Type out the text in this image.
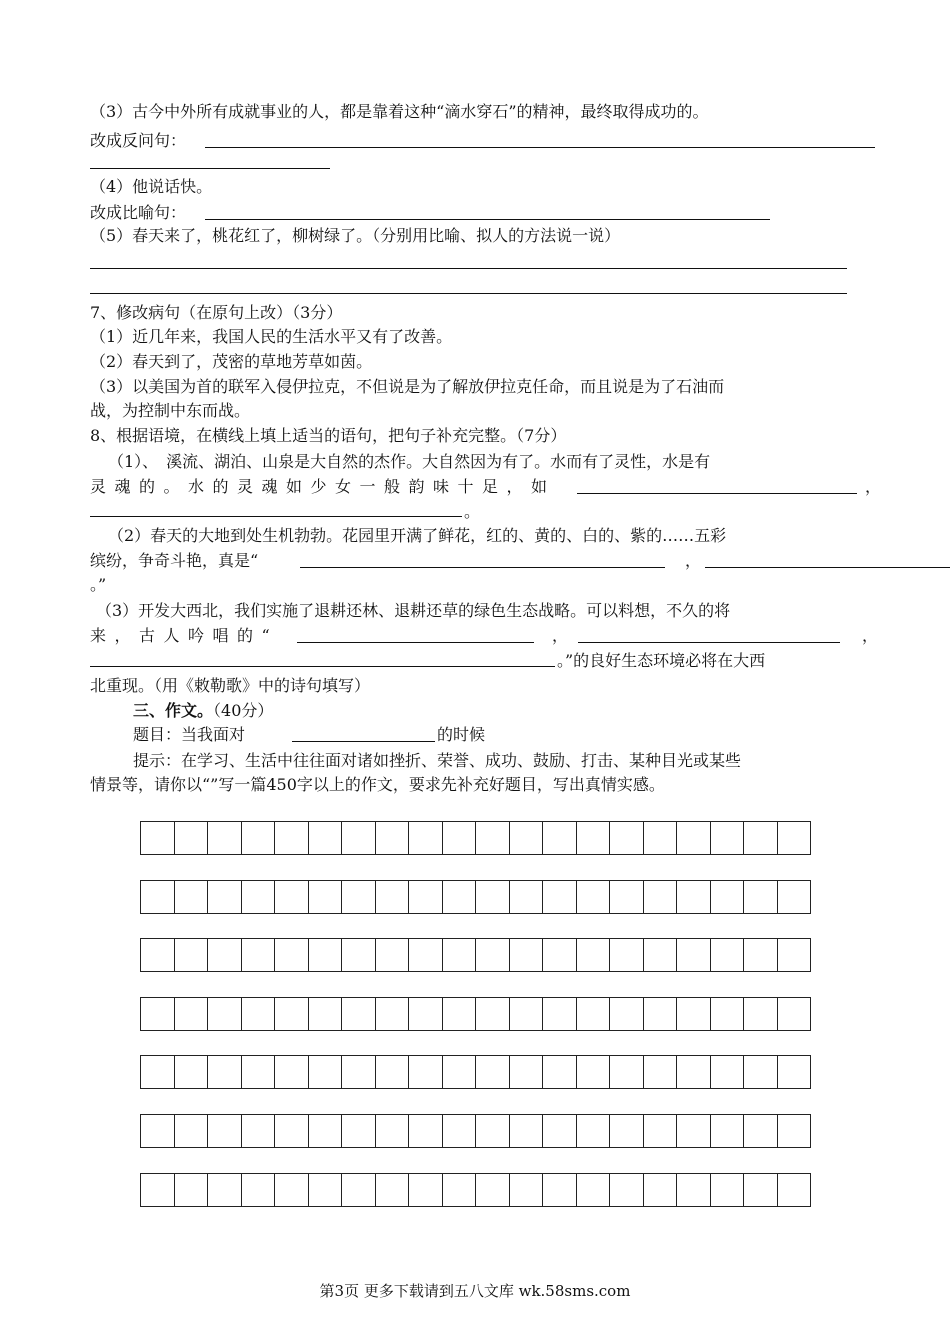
（3）古今中外所有成就事业的人，都是靠着这种“滴水穿石”的精神，最终取得成功的。
改成反问句：
（4）他说话快。
改成比喻句：
（5）春天来了，桃花红了，柳树绿了。（分别用比喻、拟人的方法说一说）
7、修改病句（在原句上改）（3分）
（1）近几年来，我国人民的生活水平又有了改善。
（2）春天到了，茂密的草地芳草如茵。
（3）以美国为首的联军入侵伊拉克，不但说是为了解放伊拉克任命，而且说是为了石油而
战，为控制中东而战。
8、根据语境，在横线上填上适当的语句，把句子补充完整。（7分）
（1）、　溪流、湖泊、山泉是大自然的杰作。大自然因为有了。水而有了灵性，水是有
灵魂的。水的灵魂如少女一般韵味十足，如	，
。
（2）春天的大地到处生机勃勃。花园里开满了鲜花，红的、黄的、白的、紫的……五彩
缤纷，争奇斗艳，真是“	，
。”
（3）开发大西北，我们实施了退耕还林、退耕还草的绿色生态战略。可以料想，不久的将
来，古人吟唱的“	，	，
。”的良好生态环境必将在大西
北重现。（用《敕勒歌》中的诗句填写）
三、作文。（40分）
题目：当我面对	的时候
提示：在学习、生活中往往面对诸如挫折、荣誉、成功、鼓励、打击、某种目光或某些
情景等，请你以“”写一篇450字以上的作文，要求先补充好题目，写出真情实感。
第3页 更多下载请到五八文库 wk.58sms.com
